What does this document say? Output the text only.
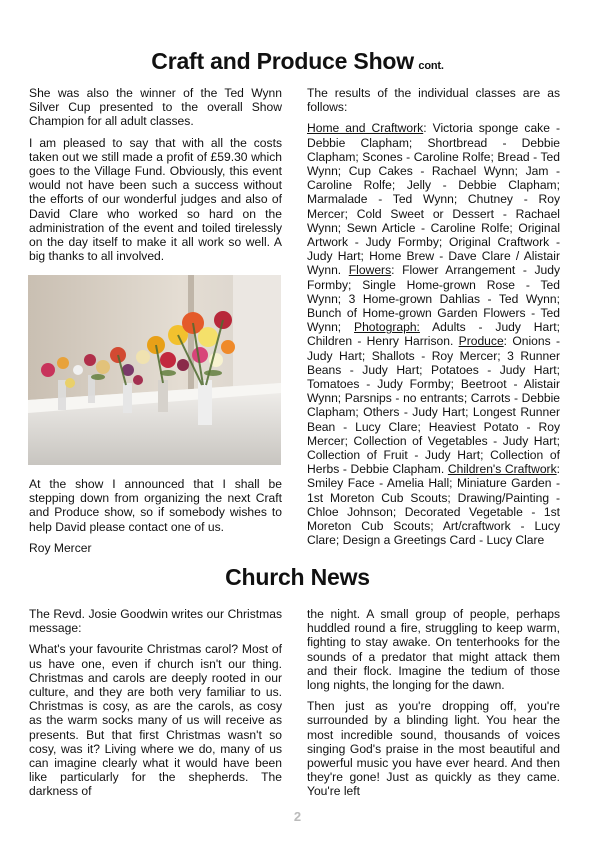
Craft and Produce Show cont.

She was also the winner of the Ted Wynn Silver Cup presented to the overall Show Champion for all adult classes.

I am pleased to say that with all the costs taken out we still made a profit of £59.30 which goes to the Village Fund. Obviously, this event would not have been such a success without the efforts of our wonderful judges and also of David Clare who worked so hard on the administration of the event and toiled tirelessly on the day itself to make it all work so well. A big thanks to all involved.

At the show I announced that I shall be stepping down from organizing the next Craft and Produce show, so if somebody wishes to help David please contact one of us.

Roy Mercer

The results of the individual classes are as follows:

Home and Craftwork: Victoria sponge cake - Debbie Clapham; Shortbread - Debbie Clapham; Scones - Caroline Rolfe; Bread - Ted Wynn; Cup Cakes - Rachael Wynn; Jam - Caroline Rolfe; Jelly - Debbie Clapham; Marmalade - Ted Wynn; Chutney - Roy Mercer; Cold Sweet or Dessert - Rachael Wynn; Sewn Article - Caroline Rolfe; Original Artwork - Judy Formby; Original Craftwork - Judy Hart; Home Brew - Dave Clare / Alistair Wynn. Flowers: Flower Arrangement - Judy Formby; Single Home-grown Rose - Ted Wynn; 3 Home-grown Dahlias - Ted Wynn; Bunch of Home-grown Garden Flowers - Ted Wynn; Photograph: Adults - Judy Hart; Children - Henry Harrison. Produce: Onions - Judy Hart; Shallots - Roy Mercer; 3 Runner Beans - Judy Hart; Potatoes - Judy Hart; Tomatoes - Judy Formby; Beetroot - Alistair Wynn; Parsnips - no entrants; Carrots - Debbie Clapham; Others - Judy Hart; Longest Runner Bean - Lucy Clare; Heaviest Potato - Roy Mercer; Collection of Vegetables - Judy Hart; Collection of Fruit - Judy Hart; Collection of Herbs - Debbie Clapham. Children's Craftwork: Smiley Face - Amelia Hall; Miniature Garden - 1st Moreton Cub Scouts; Drawing/Painting - Chloe Johnson; Decorated Vegetable - 1st Moreton Cub Scouts; Art/craftwork - Lucy Clare; Design a Greetings Card - Lucy Clare

Church News

The Revd. Josie Goodwin writes our Christmas message:

What's your favourite Christmas carol? Most of us have one, even if church isn't our thing. Christmas and carols are deeply rooted in our culture, and they are both very familiar to us. Christmas is cosy, as are the carols, as cosy as the warm socks many of us will receive as presents. But that first Christmas wasn't so cosy, was it? Living where we do, many of us can imagine clearly what it would have been like particularly for the shepherds. The darkness of

the night. A small group of people, perhaps huddled round a fire, struggling to keep warm, fighting to stay awake. On tenterhooks for the sounds of a predator that might attack them and their flock. Imagine the tedium of those long nights, the longing for the dawn.

Then just as you're dropping off, you're surrounded by a blinding light. You hear the most incredible sound, thousands of voices singing God's praise in the most beautiful and powerful music you have ever heard. And then they're gone! Just as quickly as they came. You're left

2
